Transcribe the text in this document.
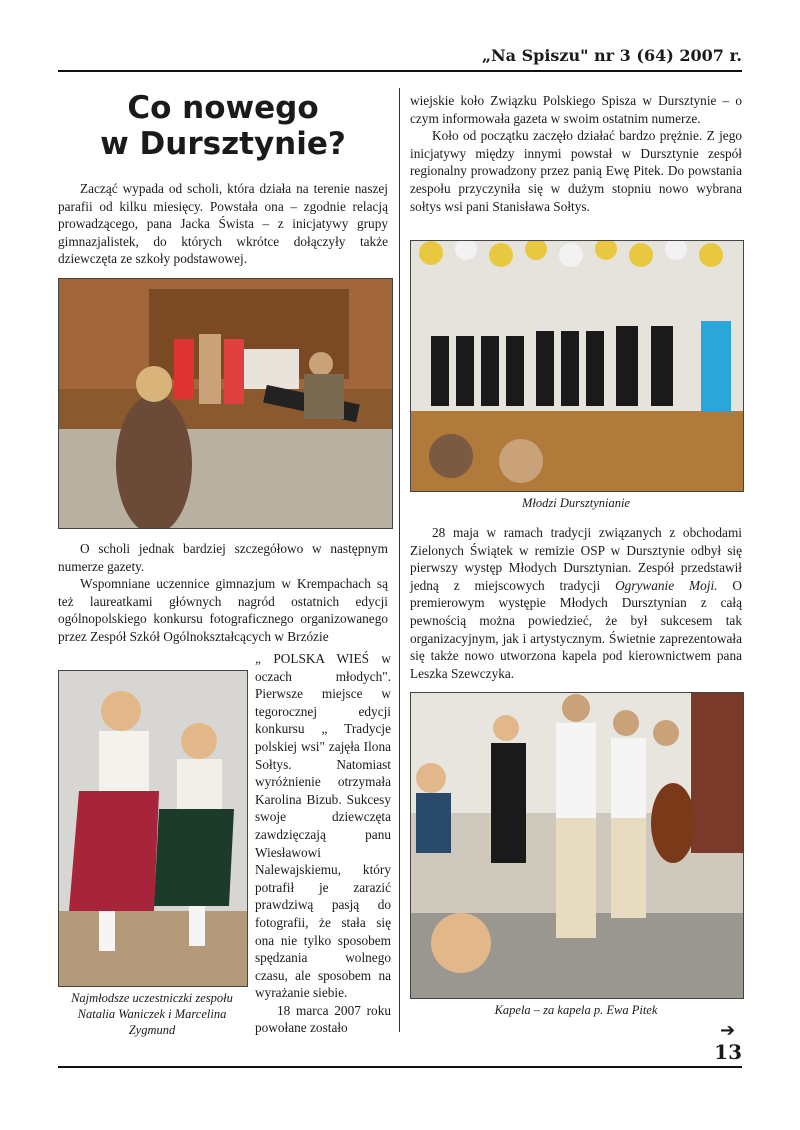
„Na Spiszu" nr 3 (64) 2007 r.
Co nowego
w Dursztynie?

Zacząć wypada od scholi, która działa na terenie naszej parafii od kilku miesięcy. Powstała ona – zgodnie relacją prowadzącego, pana Jacka Śwista – z inicjatywy grupy gimnazjalistek, do których wkrótce dołączyły także dziewczęta ze szkoły podstawowej.

O scholi jednak bardziej szczegółowo w następnym numerze gazety.

Wspomniane uczennice gimnazjum w Krempachach są też laureatkami głównych nagród ostatnich edycji ogólnopolskiego konkursu fotograficznego organizowanego przez Zespół Szkół Ogólnokształcących w Brzózie

Najmłodsze uczestniczki zespołu Natalia Waniczek i Marcelina Zygmund

„ POLSKA WIEŚ w oczach młodych". Pierwsze miejsce w tegorocznej edycji konkursu „ Tradycje polskiej wsi" zajęła Ilona Sołtys. Natomiast wyróżnienie otrzymała Karolina Bizub. Sukcesy swoje dziewczęta zawdzięczają panu Wiesławowi Nalewajskiemu, który potrafił je zarazić prawdziwą pasją do fotografii, że stała się ona nie tylko sposobem spędzania wolnego czasu, ale sposobem na wyrażanie siebie.

18 marca 2007 roku powołane zostało

wiejskie koło Związku Polskiego Spisza w Dursztynie – o czym informowała gazeta w swoim ostatnim numerze.

Koło od początku zaczęło działać bardzo prężnie. Z jego inicjatywy między innymi powstał w Dursztynie zespół regionalny prowadzony przez panią Ewę Pitek. Do powstania zespołu przyczyniła się w dużym stopniu nowo wybrana sołtys wsi pani Stanisława Sołtys.

Młodzi Dursztynianie

28 maja w ramach tradycji związanych z obchodami Zielonych Świątek w remizie OSP w Dursztynie odbył się pierwszy występ Młodych Dursztynian. Zespół przedstawił jedną z miejscowych tradycji Ogrywanie Moji. O premierowym występie Młodych Dursztynian z całą pewnością można powiedzieć, że był sukcesem tak organizacyjnym, jak i artystycznym. Świetnie zaprezentowała się także nowo utworzona kapela pod kierownictwem pana Leszka Szewczyka.

Kapela – za kapela p. Ewa Pitek
➔
13
